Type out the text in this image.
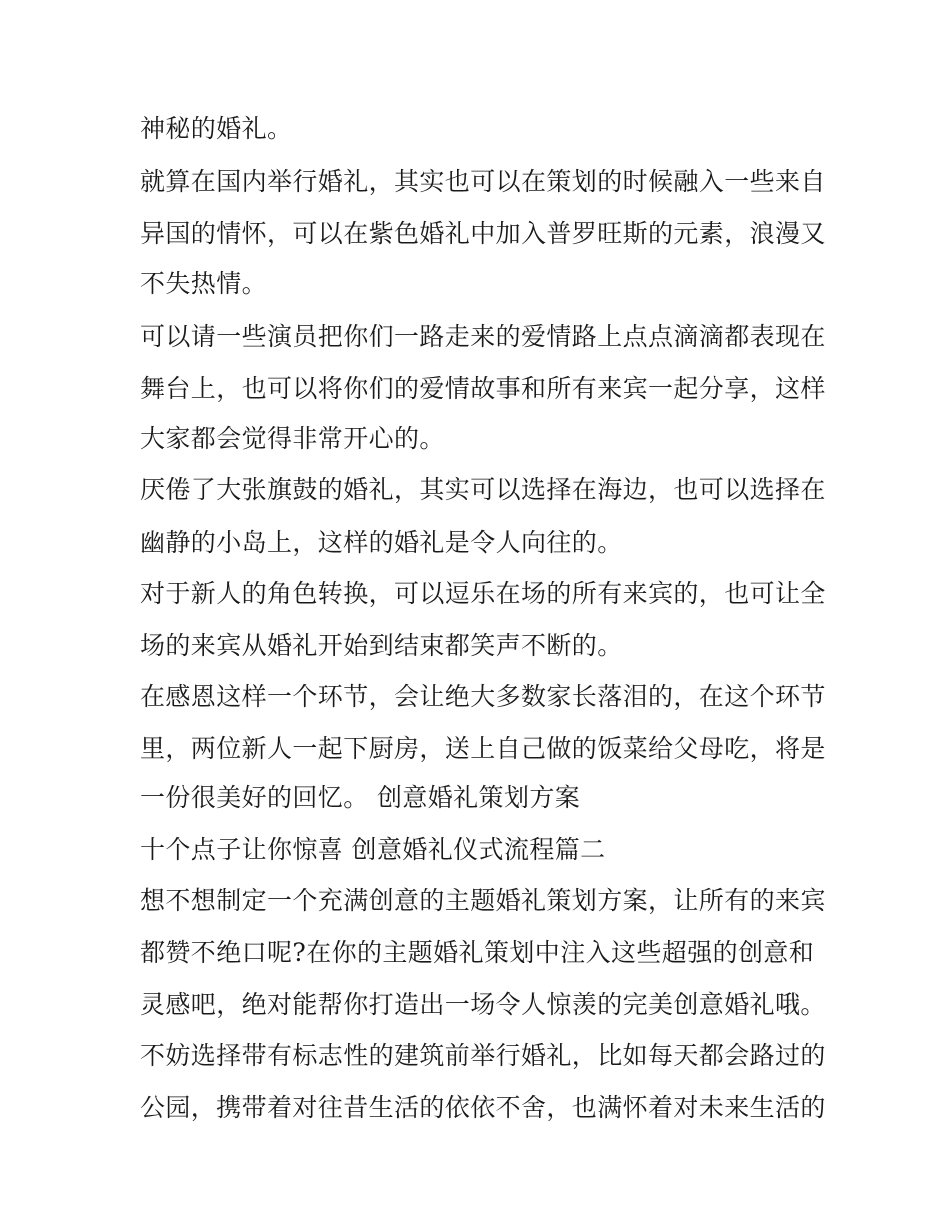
神秘的婚礼。
就算在国内举行婚礼，其实也可以在策划的时候融入一些来自
异国的情怀，可以在紫色婚礼中加入普罗旺斯的元素，浪漫又
不失热情。
可以请一些演员把你们一路走来的爱情路上点点滴滴都表现在
舞台上，也可以将你们的爱情故事和所有来宾一起分享，这样
大家都会觉得非常开心的。
厌倦了大张旗鼓的婚礼，其实可以选择在海边，也可以选择在
幽静的小岛上，这样的婚礼是令人向往的。
对于新人的角色转换，可以逗乐在场的所有来宾的，也可让全
场的来宾从婚礼开始到结束都笑声不断的。
在感恩这样一个环节，会让绝大多数家长落泪的，在这个环节
里，两位新人一起下厨房，送上自己做的饭菜给父母吃，将是
一份很美好的回忆。 创意婚礼策划方案
十个点子让你惊喜 创意婚礼仪式流程篇二
想不想制定一个充满创意的主题婚礼策划方案，让所有的来宾
都赞不绝口呢?在你的主题婚礼策划中注入这些超强的创意和
灵感吧，绝对能帮你打造出一场令人惊羡的完美创意婚礼哦。
不妨选择带有标志性的建筑前举行婚礼，比如每天都会路过的
公园，携带着对往昔生活的依依不舍，也满怀着对未来生活的
